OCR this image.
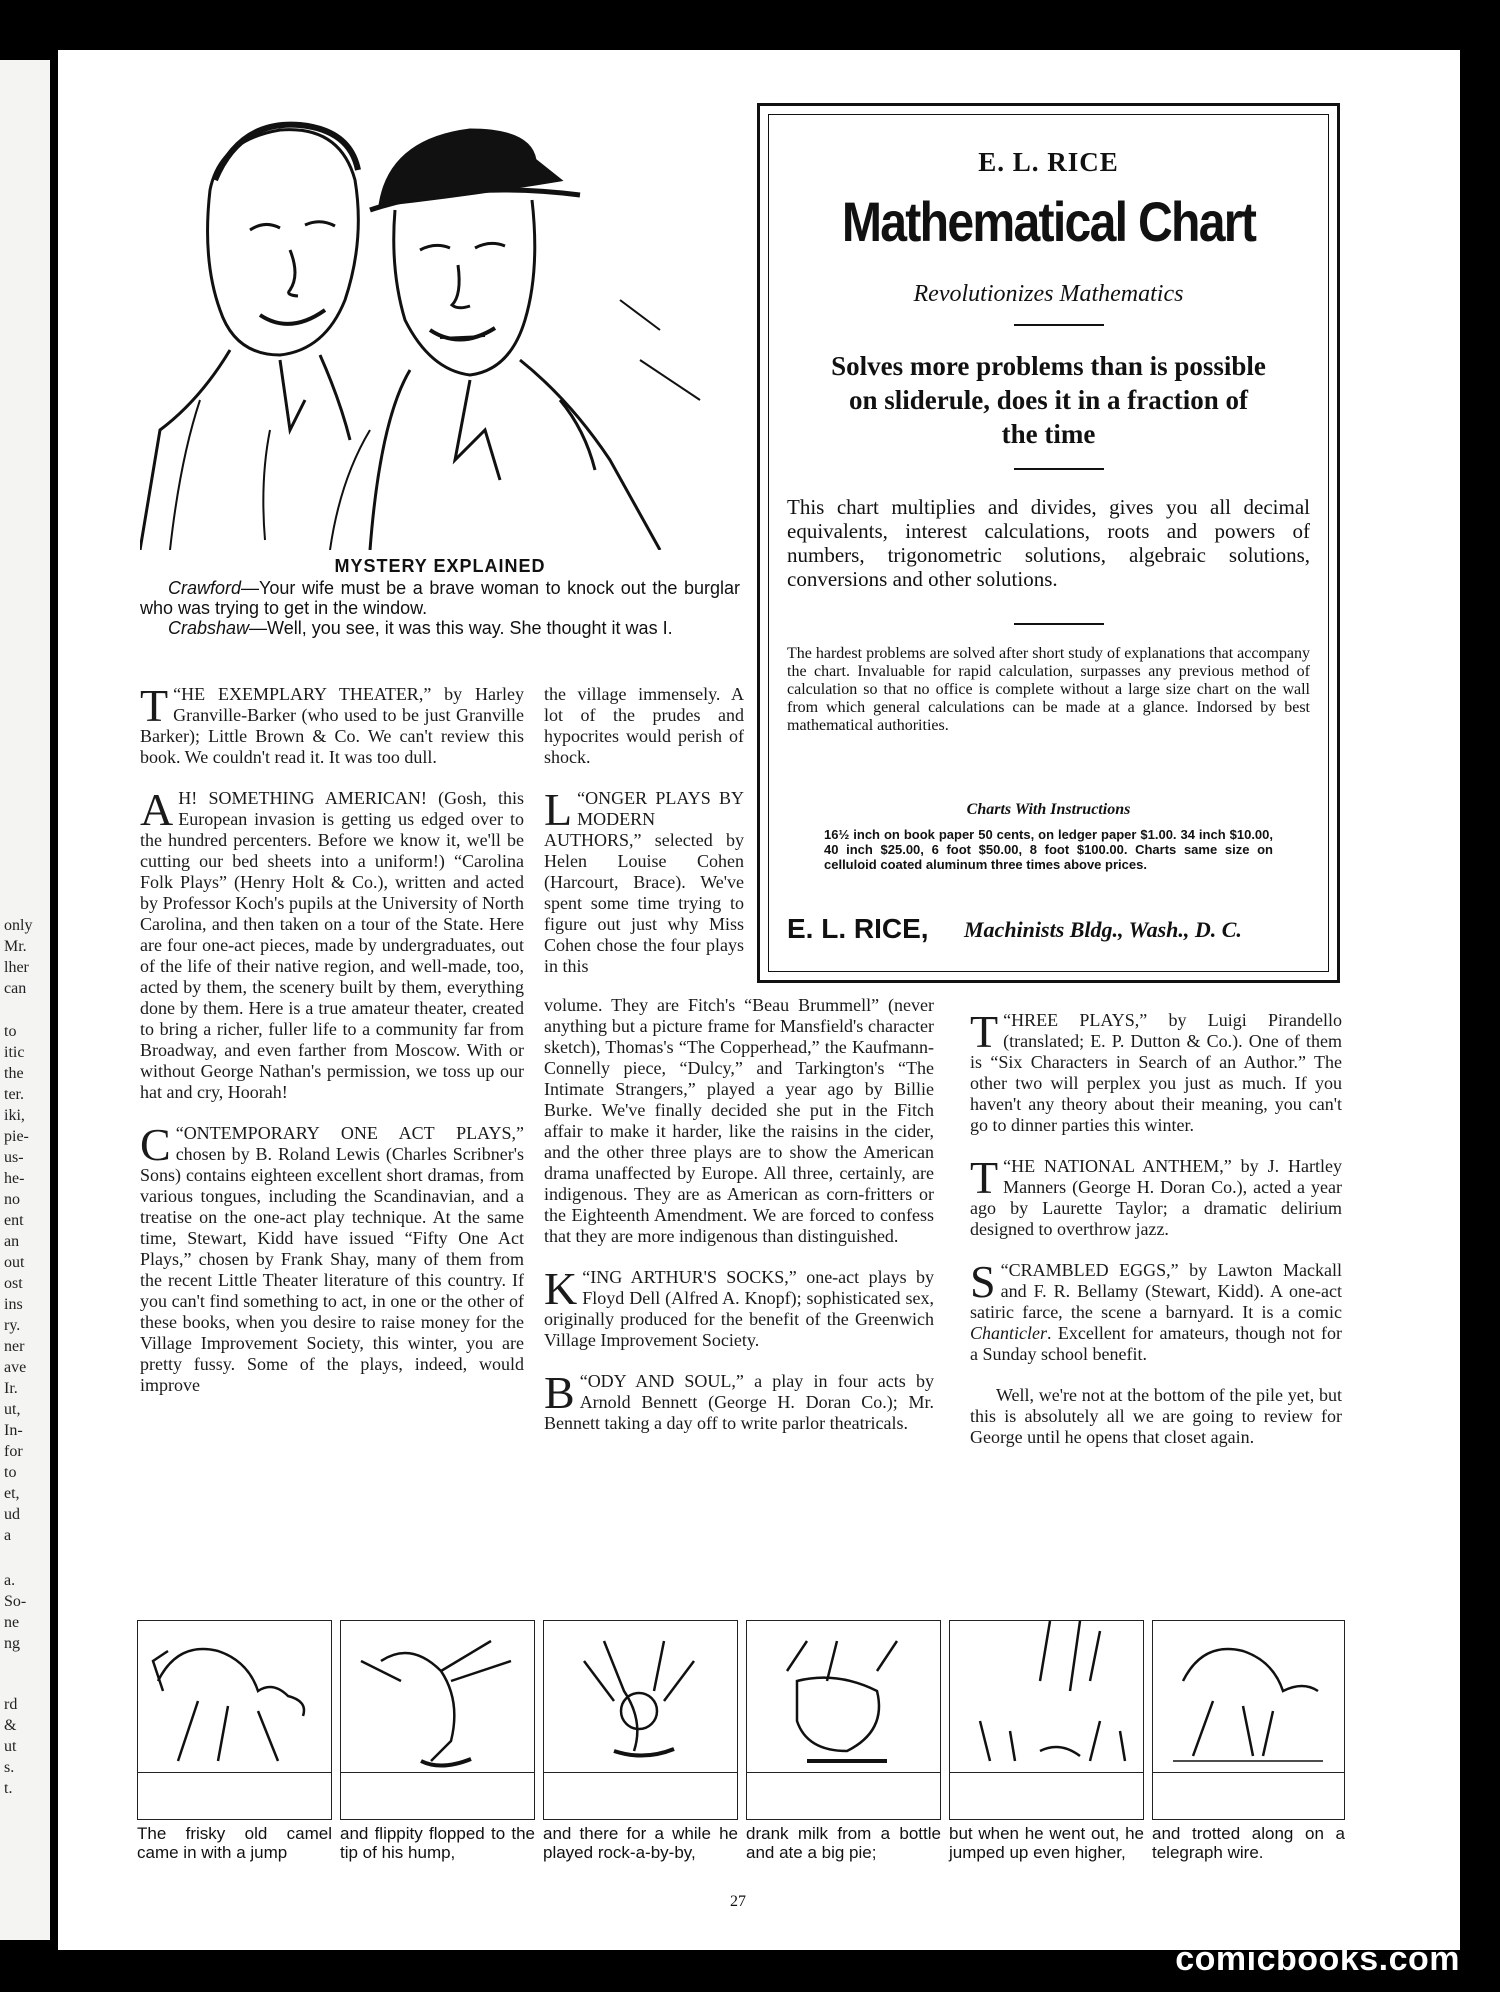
MYSTERY EXPLAINED

Crawford—Your wife must be a brave woman to knock out the burglar who was trying to get in the window.

Crabshaw—Well, you see, it was this way. She thought it was I.

“
T HE EXEMPLARY THEATER,” by Harley Granville-Barker (who used to be just Granville Barker); Little Brown & Co. We can't review this book. We couldn't read it. It was too dull.

A H! SOMETHING AMERICAN! (Gosh, this European invasion is getting us edged over to the hundred percenters. Before we know it, we'll be cutting our bed sheets into a uniform!) “Carolina Folk Plays” (Henry Holt & Co.), written and acted by Professor Koch's pupils at the University of North Carolina, and then taken on a tour of the State. Here are four one-act pieces, made by undergraduates, out of the life of their native region, and well-made, too, acted by them, the scenery built by them, everything done by them. Here is a true amateur theater, created to bring a richer, fuller life to a community far from Broadway, and even farther from Moscow. With or without George Nathan's permission, we toss up our hat and cry, Hoorah!

“
C ONTEMPORARY ONE ACT PLAYS,” chosen by B. Roland Lewis (Charles Scribner's Sons) contains eighteen excellent short dramas, from various tongues, including the Scandinavian, and a treatise on the one-act play technique. At the same time, Stewart, Kidd have issued “Fifty One Act Plays,” chosen by Frank Shay, many of them from the recent Little Theater literature of this country. If you can't find something to act, in one or the other of these books, when you desire to raise money for the Village Improvement Society, this winter, you are pretty fussy. Some of the plays, indeed, would improve

the village immensely. A lot of the prudes and hypocrites would perish of shock.

“
L ONGER PLAYS BY MODERN AUTHORS,” selected by Helen Louise Cohen (Harcourt, Brace). We've spent some time trying to figure out just why Miss Cohen chose the four plays in this

volume. They are Fitch's “Beau Brummell” (never anything but a picture frame for Mansfield's character sketch), Thomas's “The Copperhead,” the Kaufmann-Connelly piece, “Dulcy,” and Tarkington's “The Intimate Strangers,” played a year ago by Billie Burke. We've finally decided she put in the Fitch affair to make it harder, like the raisins in the cider, and the other three plays are to show the American drama unaffected by Europe. All three, certainly, are indigenous. They are as American as corn-fritters or the Eighteenth Amendment. We are forced to confess that they are more indigenous than distinguished.

“
K ING ARTHUR'S SOCKS,” one-act plays by Floyd Dell (Alfred A. Knopf); sophisticated sex, originally produced for the benefit of the Greenwich Village Improvement Society.

“
B ODY AND SOUL,” a play in four acts by Arnold Bennett (George H. Doran Co.); Mr. Bennett taking a day off to write parlor theatricals.

“
T HREE PLAYS,” by Luigi Pirandello (translated; E. P. Dutton & Co.). One of them is “Six Characters in Search of an Author.” The other two will perplex you just as much. If you haven't any theory about their meaning, you can't go to dinner parties this winter.

“
T HE NATIONAL ANTHEM,” by J. Hartley Manners (George H. Doran Co.), acted a year ago by Laurette Taylor; a dramatic delirium designed to overthrow jazz.

“
S CRAMBLED EGGS,” by Lawton Mackall and F. R. Bellamy (Stewart, Kidd). A one-act satiric farce, the scene a barnyard. It is a comic Chanticler. Excellent for amateurs, though not for a Sunday school benefit.

Well, we're not at the bottom of the pile yet, but this is absolutely all we are going to review for George until he opens that closet again.

E. L. RICE
Mathematical Chart
Revolutionizes Mathematics
Solves more problems than is possible on sliderule, does it in a fraction of the time
This chart multiplies and divides, gives you all decimal equivalents, interest calculations, roots and powers of numbers, trigonometric solutions, algebraic solutions, conversions and other solutions.
The hardest problems are solved after short study of explanations that accompany the chart. Invaluable for rapid calculation, surpasses any previous method of calculation so that no office is complete without a large size chart on the wall from which general calculations can be made at a glance. Indorsed by best mathematical authorities.
Charts With Instructions
16½ inch on book paper 50 cents, on ledger paper $1.00. 34 inch $10.00, 40 inch $25.00, 6 foot $50.00, 8 foot $100.00. Charts same size on celluloid coated aluminum three times above prices.
E. L. RICE, Machinists Bldg., Wash., D. C.
The frisky old camel came in with a jump
and flippity flopped to the tip of his hump,
and there for a while he played rock-a-by-by,
drank milk from a bottle and ate a big pie;
but when he went out, he jumped up even higher,
and trotted along on a telegraph wire.
27
comicbooks.com
only
Mr.
lher
can
to
itic
the
ter.
iki,
pie-
us-
he-
no
ent
an
out
ost
ins
ry.
ner
ave
Ir.
ut,
In-
for
to
et,
ud
a
a.
So-
ne
ng
rd
&
ut
s.
t.
